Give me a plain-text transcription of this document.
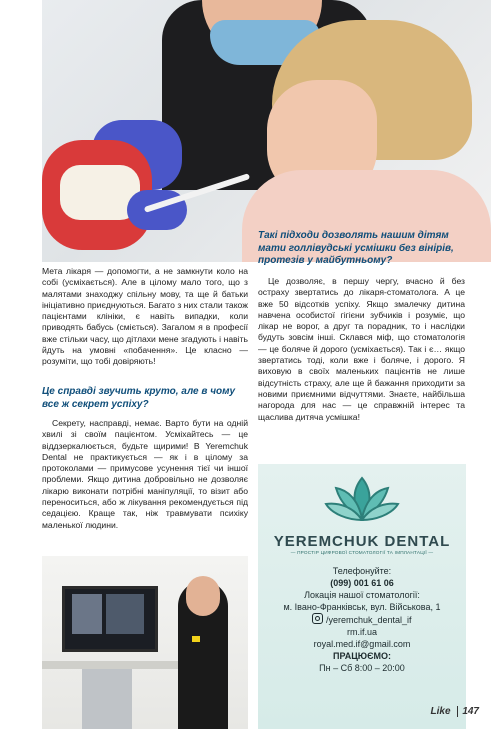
Мета лікаря — допомогти, а не замкнути коло на собі (усміхається). Але в цілому мало того, що з малятами знаходжу спільну мову, та ще й батьки ініціативно приєднуються. Багато з них стали також пацієнтами клініки, є навіть випадки, коли приводять бабусь (сміється). Загалом я в професії вже стільки часу, що дітлахи мене згадують і навіть йдуть на умовні «побачення». Це класно — розуміти, що тобі довіряють!

Це справді звучить круто, але в чому все ж секрет успіху?

Секрету, насправді, немає. Варто бути на одній хвилі зі своїм пацієнтом. Усміхайтесь — це віддзеркалюється, будьте щирими! В Yeremchuk Dental не практикується — як і в цілому за протоколами — примусове усунення тієї чи іншої проблеми. Якщо дитина добровільно не дозволяє лікарю виконати потрібні маніпуляції, то візит або переноситься, або ж лікування рекомендується під седацією. Краще так, ніж травмувати психіку маленької людини.

Такі підходи дозволять нашим дітям мати голлівудські усмішки без вінірів, протезів у майбутньому?

Це дозволяє, в першу чергу, вчасно й без остраху звертатись до лікаря-стоматолога. А це вже 50 відсотків успіху. Якщо змалечку дитина навчена особистої гігієни зубчиків і розуміє, що лікар не ворог, а друг та порадник, то і наслідки будуть зовсім інші. Склався міф, що стоматологія — це боляче й дорого (усміхається). Так і є… якщо звертатись тоді, коли вже і боляче, і дорого. Я виховую в своїх маленьких пацієнтів не лише відсутність страху, але ще й бажання приходити за новими приємними відчуттями. Знаєте, найбільша нагорода для нас — це справжній інтерес та щаслива дитяча усмішка!

YEREMCHUK DENTAL
— ПРОСТІР ЦИФРОВОЇ СТОМАТОЛОГІЇ ТА ІМПЛАНТАЦІЇ —
Телефонуйте:
(099) 001 61 06
Локація нашої стоматології:
м. Івано-Франківськ, вул. Військова, 1
/yeremchuk_dental_if
rm.if.ua
royal.med.if@gmail.com
ПРАЦЮЄМО:
Пн – Сб 8:00 – 20:00
Like 147
